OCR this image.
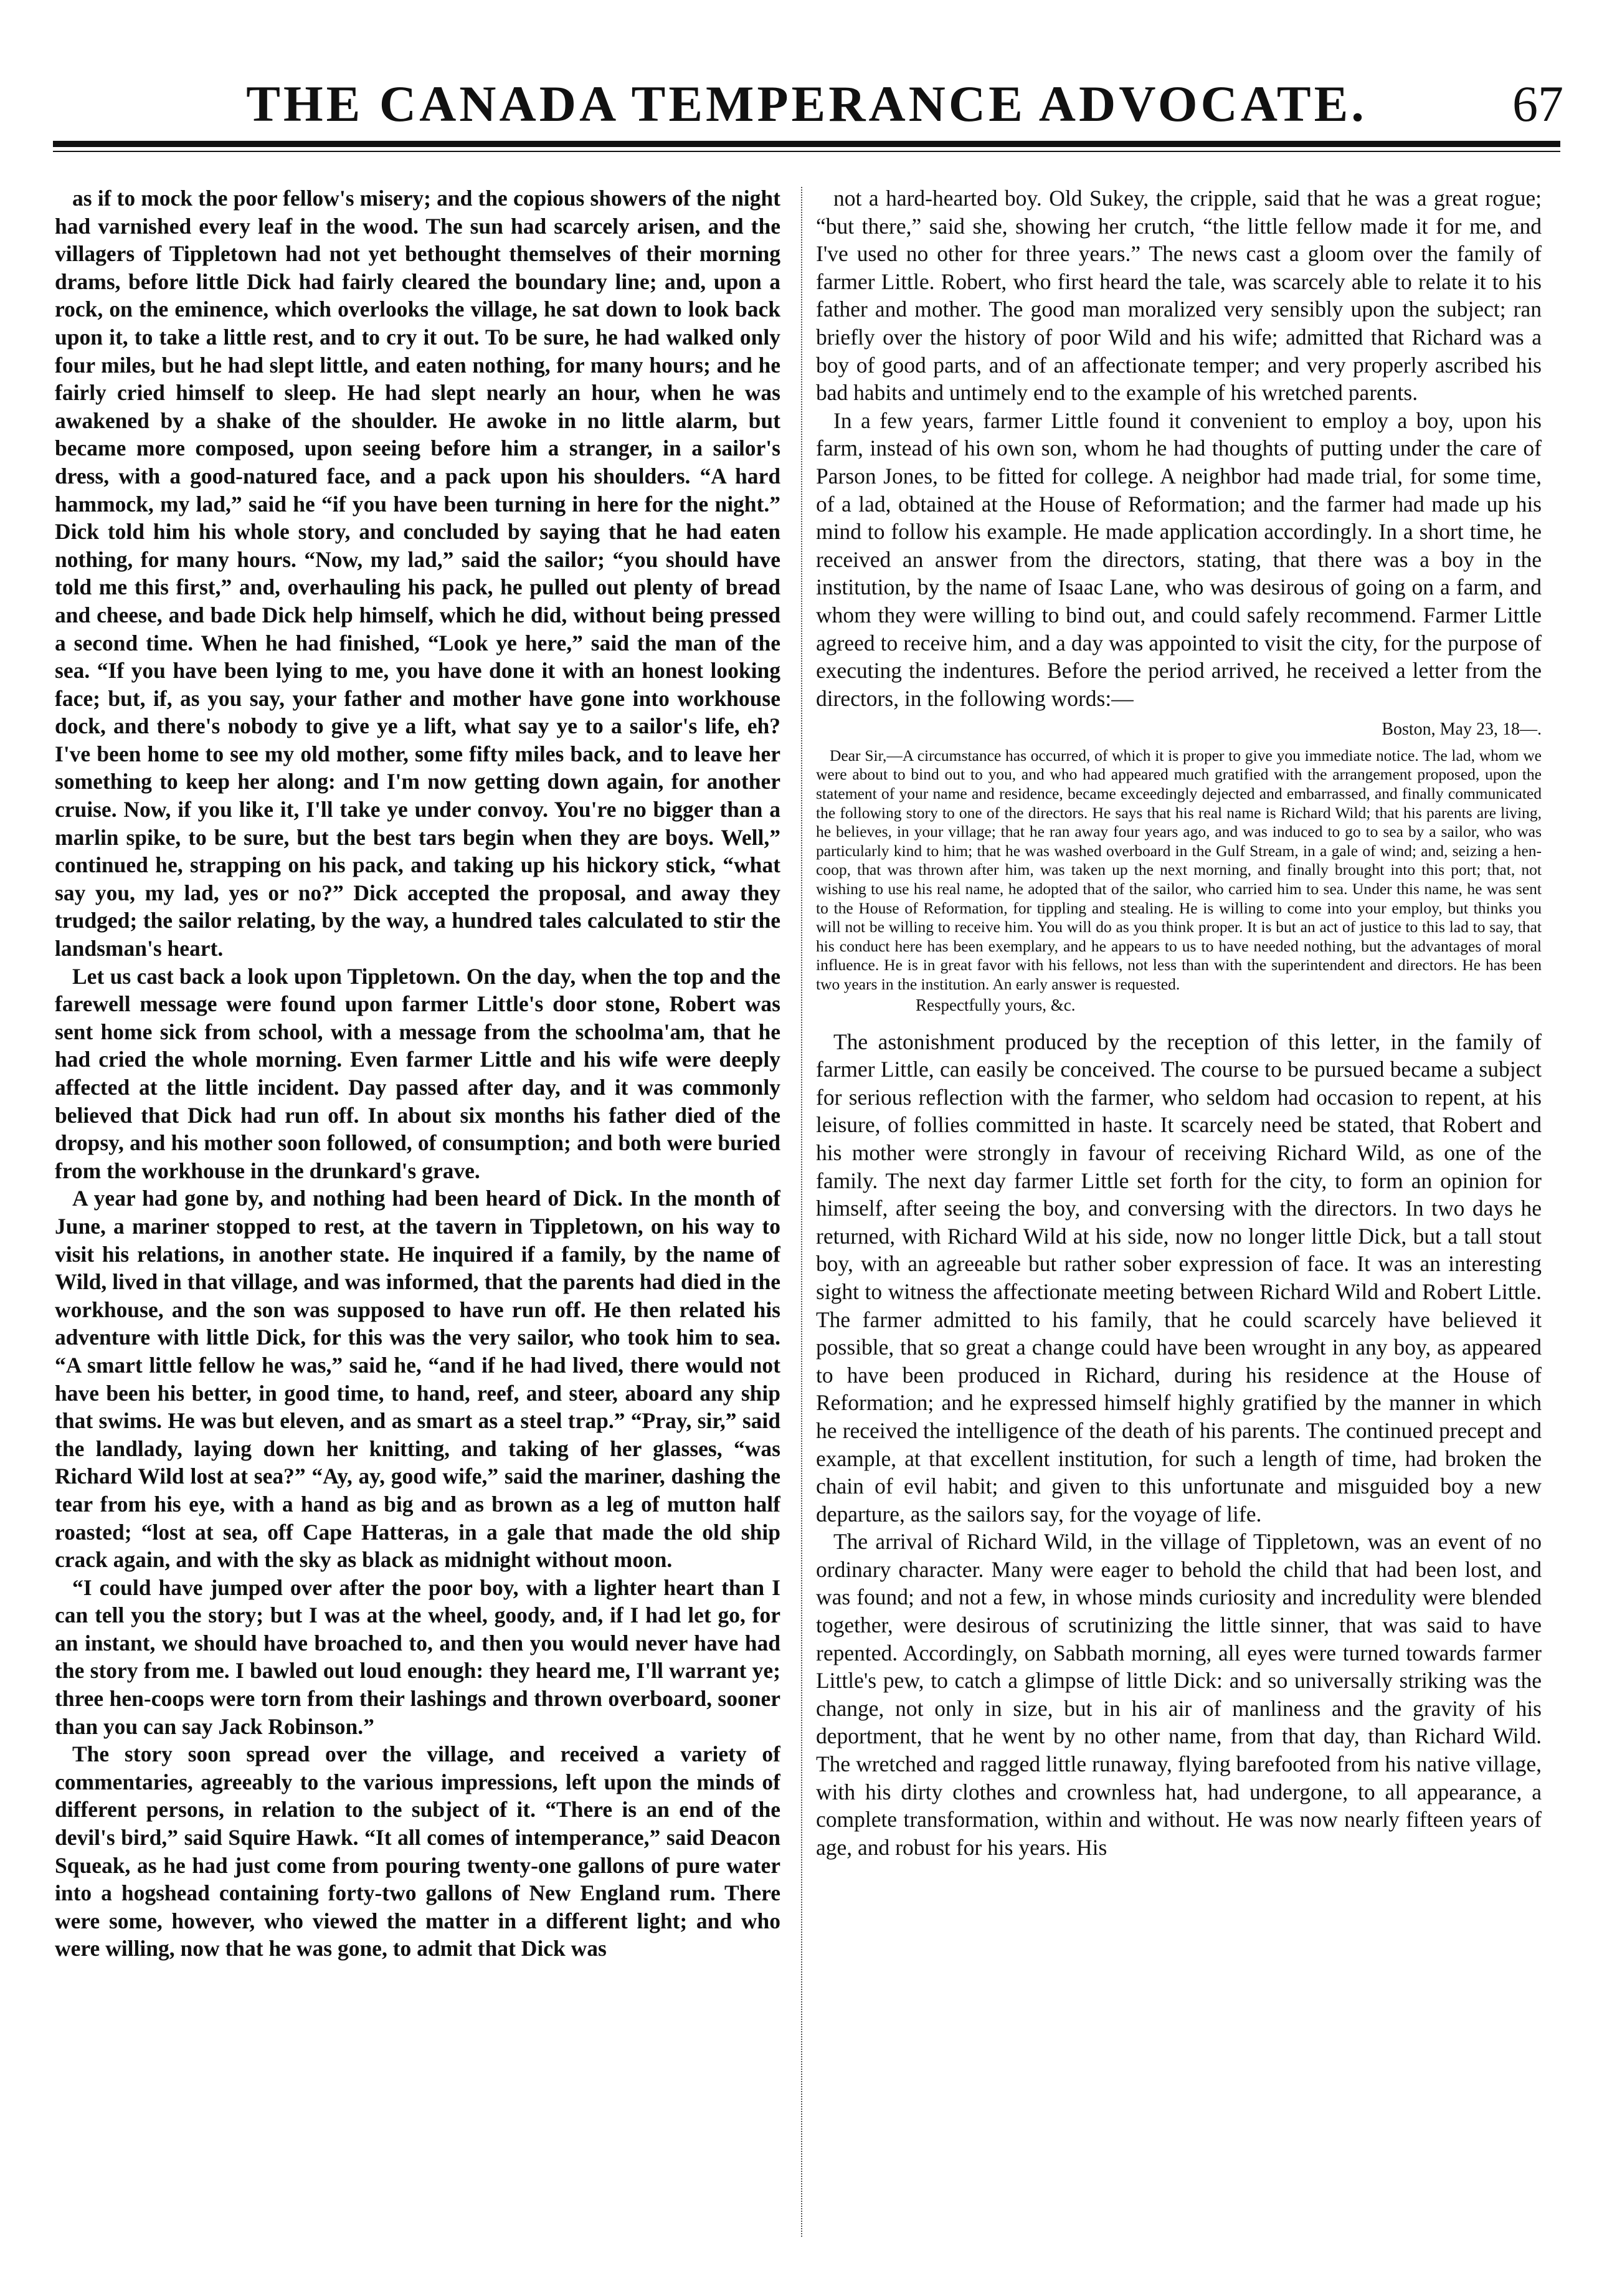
THE CANADA TEMPERANCE ADVOCATE.	67

as if to mock the poor fellow's misery; and the copious showers of the night had varnished every leaf in the wood. The sun had scarcely arisen, and the villagers of Tippletown had not yet bethought themselves of their morning drams, before little Dick had fairly cleared the boundary line; and, upon a rock, on the eminence, which overlooks the village, he sat down to look back upon it, to take a little rest, and to cry it out. To be sure, he had walked only four miles, but he had slept little, and eaten nothing, for many hours; and he fairly cried himself to sleep. He had slept nearly an hour, when he was awakened by a shake of the shoulder. He awoke in no little alarm, but became more composed, upon seeing before him a stranger, in a sailor's dress, with a good-natured face, and a pack upon his shoulders. “A hard hammock, my lad,” said he “if you have been turning in here for the night.” Dick told him his whole story, and concluded by saying that he had eaten nothing, for many hours. “Now, my lad,” said the sailor; “you should have told me this first,” and, overhauling his pack, he pulled out plenty of bread and cheese, and bade Dick help himself, which he did, without being pressed a second time. When he had finished, “Look ye here,” said the man of the sea. “If you have been lying to me, you have done it with an honest looking face; but, if, as you say, your father and mother have gone into workhouse dock, and there's nobody to give ye a lift, what say ye to a sailor's life, eh? I've been home to see my old mother, some fifty miles back, and to leave her something to keep her along: and I'm now getting down again, for another cruise. Now, if you like it, I'll take ye under convoy. You're no bigger than a marlin spike, to be sure, but the best tars begin when they are boys. Well,” continued he, strapping on his pack, and taking up his hickory stick, “what say you, my lad, yes or no?” Dick accepted the proposal, and away they trudged; the sailor relating, by the way, a hundred tales calculated to stir the landsman's heart.

Let us cast back a look upon Tippletown. On the day, when the top and the farewell message were found upon farmer Little's door stone, Robert was sent home sick from school, with a message from the schoolma'am, that he had cried the whole morning. Even farmer Little and his wife were deeply affected at the little incident. Day passed after day, and it was commonly believed that Dick had run off. In about six months his father died of the dropsy, and his mother soon followed, of consumption; and both were buried from the workhouse in the drunkard's grave.

A year had gone by, and nothing had been heard of Dick. In the month of June, a mariner stopped to rest, at the tavern in Tippletown, on his way to visit his relations, in another state. He inquired if a family, by the name of Wild, lived in that village, and was informed, that the parents had died in the workhouse, and the son was supposed to have run off. He then related his adventure with little Dick, for this was the very sailor, who took him to sea. “A smart little fellow he was,” said he, “and if he had lived, there would not have been his better, in good time, to hand, reef, and steer, aboard any ship that swims. He was but eleven, and as smart as a steel trap.” “Pray, sir,” said the landlady, laying down her knitting, and taking of her glasses, “was Richard Wild lost at sea?” “Ay, ay, good wife,” said the mariner, dashing the tear from his eye, with a hand as big and as brown as a leg of mutton half roasted; “lost at sea, off Cape Hatteras, in a gale that made the old ship crack again, and with the sky as black as midnight without moon.

“I could have jumped over after the poor boy, with a lighter heart than I can tell you the story; but I was at the wheel, goody, and, if I had let go, for an instant, we should have broached to, and then you would never have had the story from me. I bawled out loud enough: they heard me, I'll warrant ye; three hen-coops were torn from their lashings and thrown overboard, sooner than you can say Jack Robinson.”

The story soon spread over the village, and received a variety of commentaries, agreeably to the various impressions, left upon the minds of different persons, in relation to the subject of it. “There is an end of the devil's bird,” said Squire Hawk. “It all comes of intemperance,” said Deacon Squeak, as he had just come from pouring twenty-one gallons of pure water into a hogshead containing forty-two gallons of New England rum. There were some, however, who viewed the matter in a different light; and who were willing, now that he was gone, to admit that Dick was

not a hard-hearted boy. Old Sukey, the cripple, said that he was a great rogue; “but there,” said she, showing her crutch, “the little fellow made it for me, and I've used no other for three years.” The news cast a gloom over the family of farmer Little. Robert, who first heard the tale, was scarcely able to relate it to his father and mother. The good man moralized very sensibly upon the subject; ran briefly over the history of poor Wild and his wife; admitted that Richard was a boy of good parts, and of an affectionate temper; and very properly ascribed his bad habits and untimely end to the example of his wretched parents.

In a few years, farmer Little found it convenient to employ a boy, upon his farm, instead of his own son, whom he had thoughts of putting under the care of Parson Jones, to be fitted for college. A neighbor had made trial, for some time, of a lad, obtained at the House of Reformation; and the farmer had made up his mind to follow his example. He made application accordingly. In a short time, he received an answer from the directors, stating, that there was a boy in the institution, by the name of Isaac Lane, who was desirous of going on a farm, and whom they were willing to bind out, and could safely recommend. Farmer Little agreed to receive him, and a day was appointed to visit the city, for the purpose of executing the indentures. Before the period arrived, he received a letter from the directors, in the following words:—

Boston, May 23, 18—.

Dear Sir,—A circumstance has occurred, of which it is proper to give you immediate notice. The lad, whom we were about to bind out to you, and who had appeared much gratified with the arrangement proposed, upon the statement of your name and residence, became exceedingly dejected and embarrassed, and finally communicated the following story to one of the directors. He says that his real name is Richard Wild; that his parents are living, he believes, in your village; that he ran away four years ago, and was induced to go to sea by a sailor, who was particularly kind to him; that he was washed overboard in the Gulf Stream, in a gale of wind; and, seizing a hen-coop, that was thrown after him, was taken up the next morning, and finally brought into this port; that, not wishing to use his real name, he adopted that of the sailor, who carried him to sea. Under this name, he was sent to the House of Reformation, for tippling and stealing. He is willing to come into your employ, but thinks you will not be willing to receive him. You will do as you think proper. It is but an act of justice to this lad to say, that his conduct here has been exemplary, and he appears to us to have needed nothing, but the advantages of moral influence. He is in great favor with his fellows, not less than with the superintendent and directors. He has been two years in the institution. An early answer is requested.

Respectfully yours, &c.

The astonishment produced by the reception of this letter, in the family of farmer Little, can easily be conceived. The course to be pursued became a subject for serious reflection with the farmer, who seldom had occasion to repent, at his leisure, of follies committed in haste. It scarcely need be stated, that Robert and his mother were strongly in favour of receiving Richard Wild, as one of the family. The next day farmer Little set forth for the city, to form an opinion for himself, after seeing the boy, and conversing with the directors. In two days he returned, with Richard Wild at his side, now no longer little Dick, but a tall stout boy, with an agreeable but rather sober expression of face. It was an interesting sight to witness the affectionate meeting between Richard Wild and Robert Little. The farmer admitted to his family, that he could scarcely have believed it possible, that so great a change could have been wrought in any boy, as appeared to have been produced in Richard, during his residence at the House of Reformation; and he expressed himself highly gratified by the manner in which he received the intelligence of the death of his parents. The continued precept and example, at that excellent institution, for such a length of time, had broken the chain of evil habit; and given to this unfortunate and misguided boy a new departure, as the sailors say, for the voyage of life.

The arrival of Richard Wild, in the village of Tippletown, was an event of no ordinary character. Many were eager to behold the child that had been lost, and was found; and not a few, in whose minds curiosity and incredulity were blended together, were desirous of scrutinizing the little sinner, that was said to have repented. Accordingly, on Sabbath morning, all eyes were turned towards farmer Little's pew, to catch a glimpse of little Dick: and so universally striking was the change, not only in size, but in his air of manliness and the gravity of his deportment, that he went by no other name, from that day, than Richard Wild. The wretched and ragged little runaway, flying barefooted from his native village, with his dirty clothes and crownless hat, had undergone, to all appearance, a complete transformation, within and without. He was now nearly fifteen years of age, and robust for his years. His
